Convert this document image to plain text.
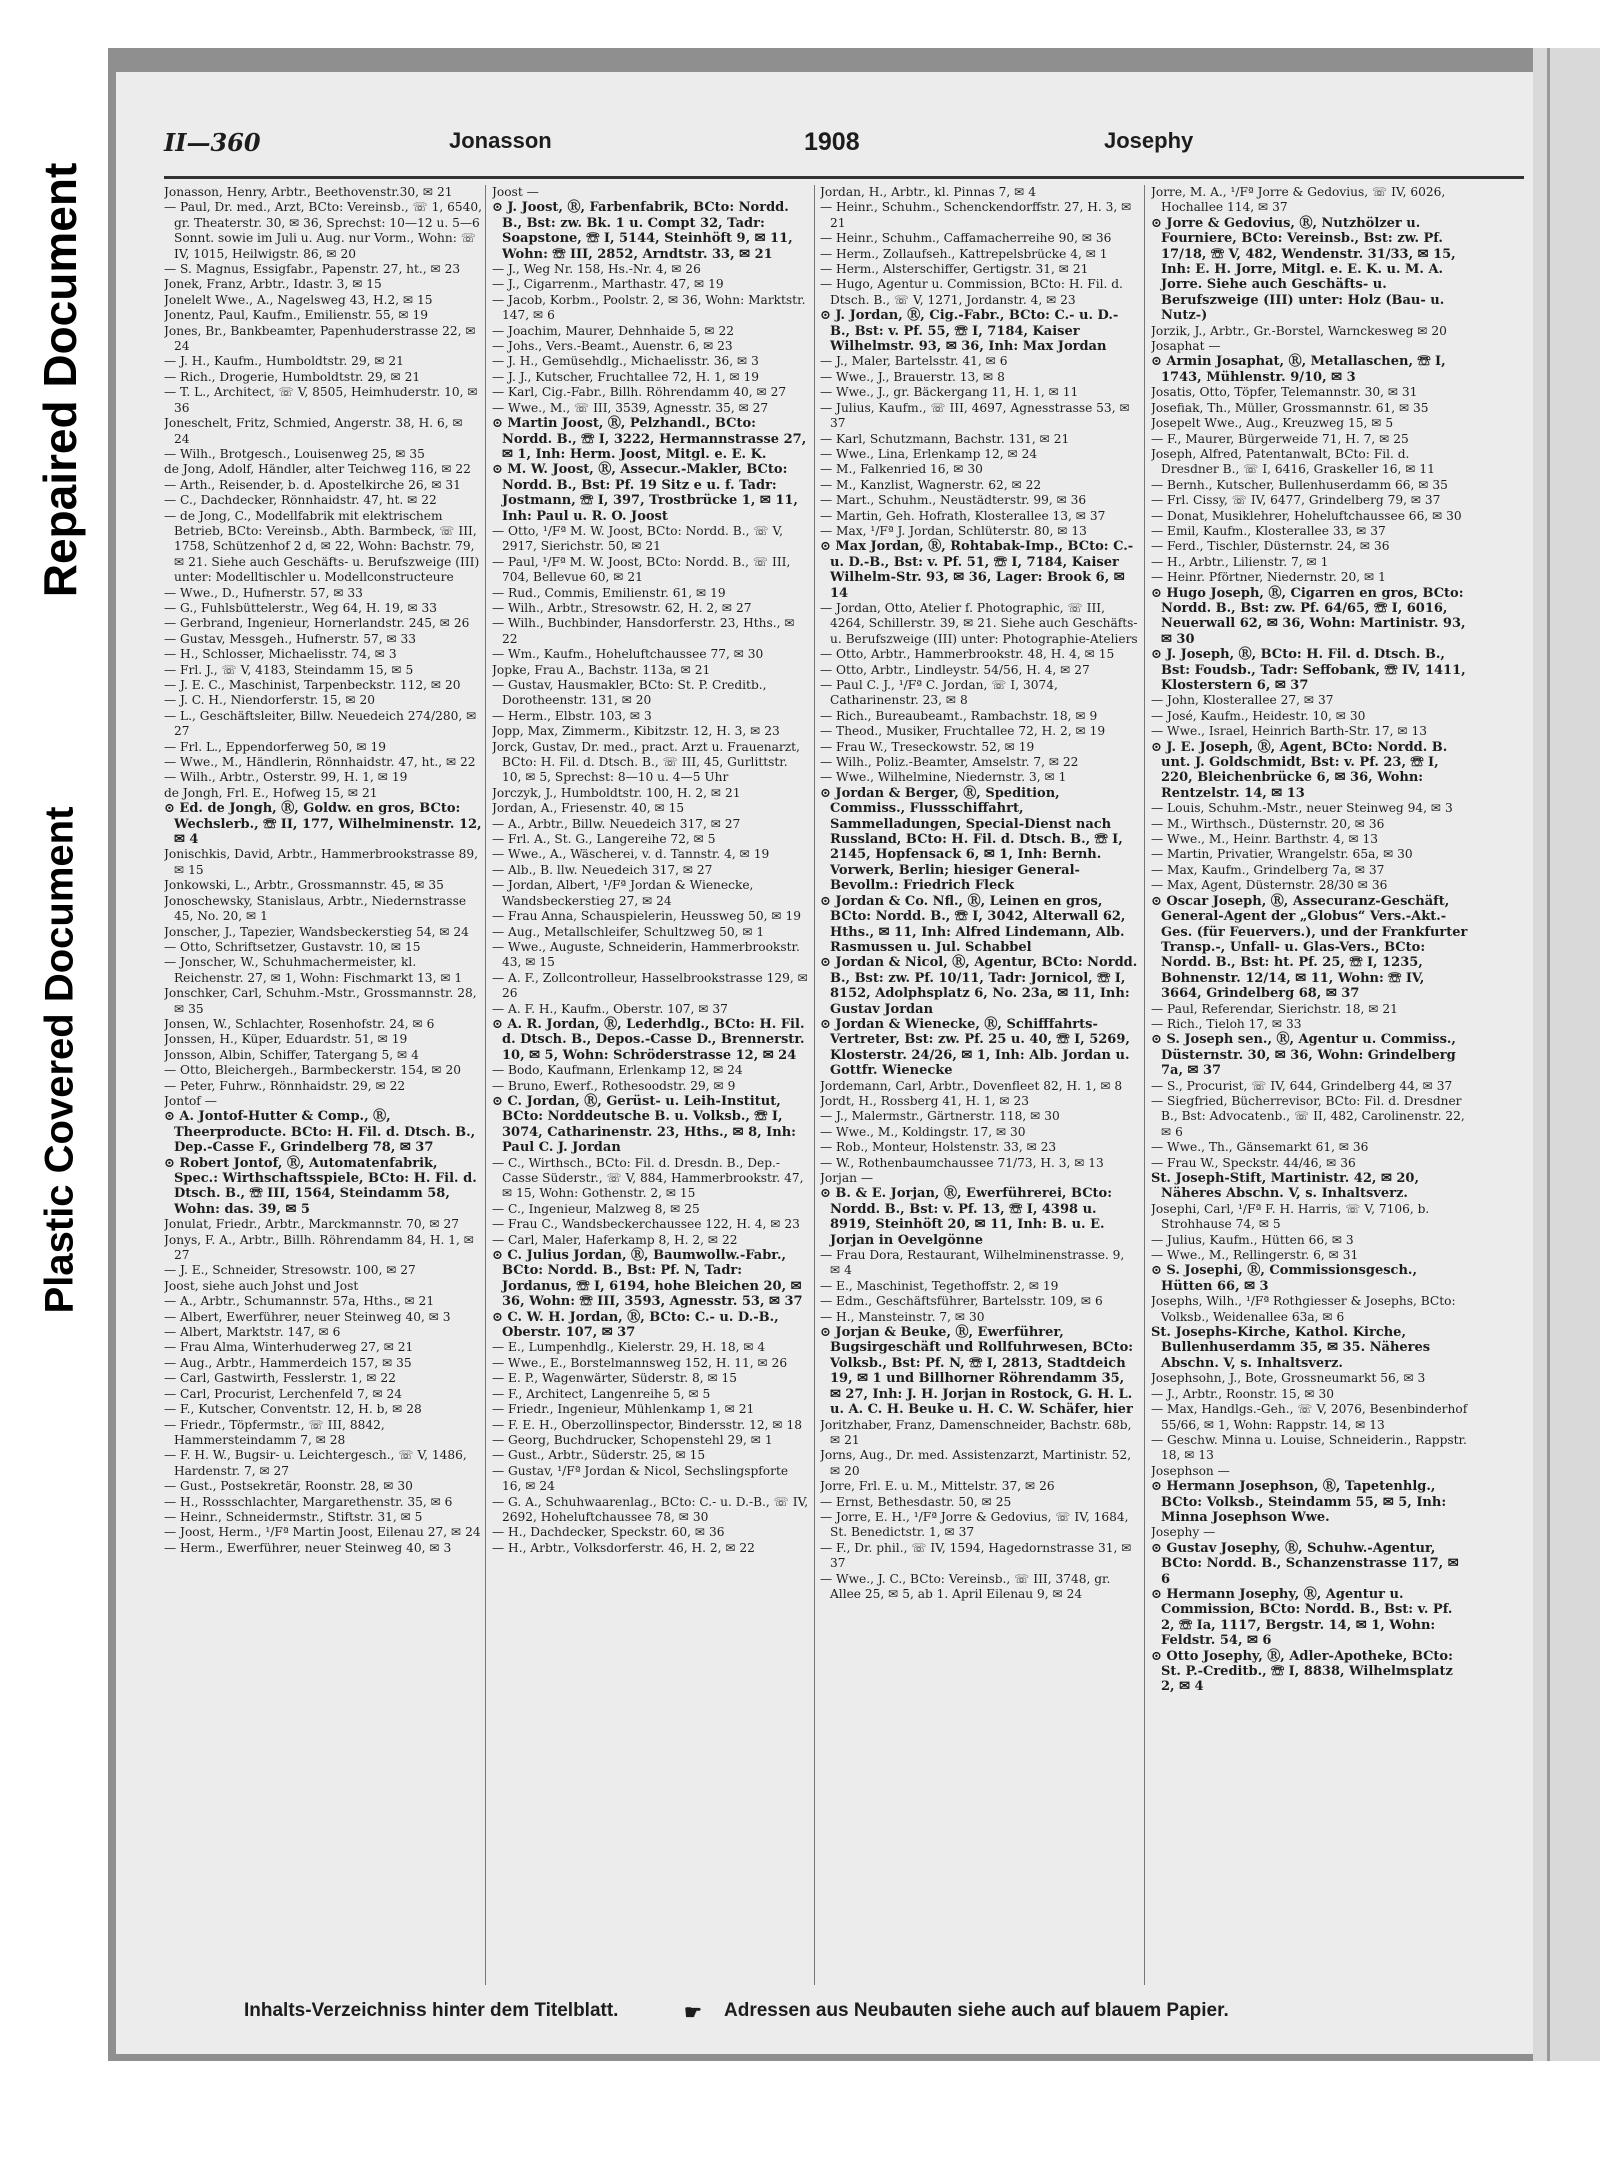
Repaired Document
Plastic Covered Document
II—360	Jonasson	1908	Josephy

Jonasson, Henry, Arbtr., Beethovenstr.30, ✉ 21

— Paul, Dr. med., Arzt, BCto: Vereinsb., ☏ 1, 6540, gr. Theaterstr. 30, ✉ 36, Sprechst: 10—12 u. 5—6 Sonnt. sowie im Juli u. Aug. nur Vorm., Wohn: ☏ IV, 1015, Heilwigstr. 86, ✉ 20

— S. Magnus, Essigfabr., Papenstr. 27, ht., ✉ 23

Jonek, Franz, Arbtr., Idastr. 3, ✉ 15

Jonelelt Wwe., A., Nagelsweg 43, H.2, ✉ 15

Jonentz, Paul, Kaufm., Emilienstr. 55, ✉ 19

Jones, Br., Bankbeamter, Papenhuderstrasse 22, ✉ 24

— J. H., Kaufm., Humboldtstr. 29, ✉ 21

— Rich., Drogerie, Humboldtstr. 29, ✉ 21

— T. L., Architect, ☏ V, 8505, Heimhuderstr. 10, ✉ 36

Joneschelt, Fritz, Schmied, Angerstr. 38, H. 6, ✉ 24

— Wilh., Brotgesch., Louisenweg 25, ✉ 35

de Jong, Adolf, Händler, alter Teichweg 116, ✉ 22

— Arth., Reisender, b. d. Apostelkirche 26, ✉ 31

— C., Dachdecker, Rönnhaidstr. 47, ht. ✉ 22

— de Jong, C., Modellfabrik mit elektrischem Betrieb, BCto: Vereinsb., Abth. Barmbeck, ☏ III, 1758, Schützenhof 2 d, ✉ 22, Wohn: Bachstr. 79, ✉ 21. Siehe auch Geschäfts- u. Berufszweige (III) unter: Modelltischler u. Modellconstructeure

— Wwe., D., Hufnerstr. 57, ✉ 33

— G., Fuhlsbüttelerstr., Weg 64, H. 19, ✉ 33

— Gerbrand, Ingenieur, Hornerlandstr. 245, ✉ 26

— Gustav, Messgeh., Hufnerstr. 57, ✉ 33

— H., Schlosser, Michaelisstr. 74, ✉ 3

— Frl. J., ☏ V, 4183, Steindamm 15, ✉ 5

— J. E. C., Maschinist, Tarpenbeckstr. 112, ✉ 20

— J. C. H., Niendorferstr. 15, ✉ 20

— L., Geschäftsleiter, Billw. Neuedeich 274/280, ✉ 27

— Frl. L., Eppendorferweg 50, ✉ 19

— Wwe., M., Händlerin, Rönnhaidstr. 47, ht., ✉ 22

— Wilh., Arbtr., Osterstr. 99, H. 1, ✉ 19

de Jongh, Frl. E., Hofweg 15, ✉ 21

⊙ Ed. de Jongh, Ⓡ, Goldw. en gros, BCto: Wechslerb., ☏ II, 177, Wilhelminenstr. 12, ✉ 4

Jonischkis, David, Arbtr., Hammerbrookstrasse 89, ✉ 15

Jonkowski, L., Arbtr., Grossmannstr. 45, ✉ 35

Jonoschewsky, Stanislaus, Arbtr., Niedernstrasse 45, No. 20, ✉ 1

Jonscher, J., Tapezier, Wandsbeckerstieg 54, ✉ 24

— Otto, Schriftsetzer, Gustavstr. 10, ✉ 15

— Jonscher, W., Schuhmachermeister, kl. Reichenstr. 27, ✉ 1, Wohn: Fischmarkt 13, ✉ 1

Jonschker, Carl, Schuhm.-Mstr., Grossmannstr. 28, ✉ 35

Jonsen, W., Schlachter, Rosenhofstr. 24, ✉ 6

Jonssen, H., Küper, Eduardstr. 51, ✉ 19

Jonsson, Albin, Schiffer, Tatergang 5, ✉ 4

— Otto, Bleichergeh., Barmbeckerstr. 154, ✉ 20

— Peter, Fuhrw., Rönnhaidstr. 29, ✉ 22

Jontof —

⊙ A. Jontof-Hutter & Comp., Ⓡ, Theerproducte. BCto: H. Fil. d. Dtsch. B., Dep.-Casse F., Grindelberg 78, ✉ 37

⊙ Robert Jontof, Ⓡ, Automatenfabrik, Spec.: Wirthschaftsspiele, BCto: H. Fil. d. Dtsch. B., ☏ III, 1564, Steindamm 58, Wohn: das. 39, ✉ 5

Jonulat, Friedr., Arbtr., Marckmannstr. 70, ✉ 27

Jonys, F. A., Arbtr., Billh. Röhrendamm 84, H. 1, ✉ 27

— J. E., Schneider, Stresowstr. 100, ✉ 27

Joost, siehe auch Johst und Jost

— A., Arbtr., Schumannstr. 57a, Hths., ✉ 21

— Albert, Ewerführer, neuer Steinweg 40, ✉ 3

— Albert, Marktstr. 147, ✉ 6

— Frau Alma, Winterhuderweg 27, ✉ 21

— Aug., Arbtr., Hammerdeich 157, ✉ 35

— Carl, Gastwirth, Fesslerstr. 1, ✉ 22

— Carl, Procurist, Lerchenfeld 7, ✉ 24

— F., Kutscher, Conventstr. 12, H. b, ✉ 28

— Friedr., Töpfermstr., ☏ III, 8842, Hammersteindamm 7, ✉ 28

— F. H. W., Bugsir- u. Leichtergesch., ☏ V, 1486, Hardenstr. 7, ✉ 27

— Gust., Postsekretär, Roonstr. 28, ✉ 30

— H., Rossschlachter, Margarethenstr. 35, ✉ 6

— Heinr., Schneidermstr., Stiftstr. 31, ✉ 5

— Joost, Herm., ¹/Fª Martin Joost, Eilenau 27, ✉ 24

— Herm., Ewerführer, neuer Steinweg 40, ✉ 3

Joost —

⊙ J. Joost, Ⓡ, Farbenfabrik, BCto: Nordd. B., Bst: zw. Bk. 1 u. Compt 32, Tadr: Soapstone, ☏ I, 5144, Steinhöft 9, ✉ 11, Wohn: ☏ III, 2852, Arndtstr. 33, ✉ 21

— J., Weg Nr. 158, Hs.-Nr. 4, ✉ 26

— J., Cigarrenm., Marthastr. 47, ✉ 19

— Jacob, Korbm., Poolstr. 2, ✉ 36, Wohn: Marktstr. 147, ✉ 6

— Joachim, Maurer, Dehnhaide 5, ✉ 22

— Johs., Vers.-Beamt., Auenstr. 6, ✉ 23

— J. H., Gemüsehdlg., Michaelisstr. 36, ✉ 3

— J. J., Kutscher, Fruchtallee 72, H. 1, ✉ 19

— Karl, Cig.-Fabr., Billh. Röhrendamm 40, ✉ 27

— Wwe., M., ☏ III, 3539, Agnesstr. 35, ✉ 27

⊙ Martin Joost, Ⓡ, Pelzhandl., BCto: Nordd. B., ☏ I, 3222, Hermannstrasse 27, ✉ 1, Inh: Herm. Joost, Mitgl. e. E. K.

⊙ M. W. Joost, Ⓡ, Assecur.-Makler, BCto: Nordd. B., Bst: Pf. 19 Sitz e u. f. Tadr: Jostmann, ☏ I, 397, Trostbrücke 1, ✉ 11, Inh: Paul u. R. O. Joost

— Otto, ¹/Fª M. W. Joost, BCto: Nordd. B., ☏ V, 2917, Sierichstr. 50, ✉ 21

— Paul, ¹/Fª M. W. Joost, BCto: Nordd. B., ☏ III, 704, Bellevue 60, ✉ 21

— Rud., Commis, Emilienstr. 61, ✉ 19

— Wilh., Arbtr., Stresowstr. 62, H. 2, ✉ 27

— Wilh., Buchbinder, Hansdorferstr. 23, Hths., ✉ 22

— Wm., Kaufm., Hoheluftchaussee 77, ✉ 30

Jopke, Frau A., Bachstr. 113a, ✉ 21

— Gustav, Hausmakler, BCto: St. P. Creditb., Dorotheenstr. 131, ✉ 20

— Herm., Elbstr. 103, ✉ 3

Jopp, Max, Zimmerm., Kibitzstr. 12, H. 3, ✉ 23

Jorck, Gustav, Dr. med., pract. Arzt u. Frauenarzt, BCto: H. Fil. d. Dtsch. B., ☏ III, 45, Gurlittstr. 10, ✉ 5, Sprechst: 8—10 u. 4—5 Uhr

Jorczyk, J., Humboldtstr. 100, H. 2, ✉ 21

Jordan, A., Friesenstr. 40, ✉ 15

— A., Arbtr., Billw. Neuedeich 317, ✉ 27

— Frl. A., St. G., Langereihe 72, ✉ 5

— Wwe., A., Wäscherei, v. d. Tannstr. 4, ✉ 19

— Alb., B. llw. Neuedeich 317, ✉ 27

— Jordan, Albert, ¹/Fª Jordan & Wienecke, Wandsbeckerstieg 27, ✉ 24

— Frau Anna, Schauspielerin, Heussweg 50, ✉ 19

— Aug., Metallschleifer, Schultzweg 50, ✉ 1

— Wwe., Auguste, Schneiderin, Hammerbrookstr. 43, ✉ 15

— A. F., Zollcontrolleur, Hasselbrookstrasse 129, ✉ 26

— A. F. H., Kaufm., Oberstr. 107, ✉ 37

⊙ A. R. Jordan, Ⓡ, Lederhdlg., BCto: H. Fil. d. Dtsch. B., Depos.-Casse D., Brennerstr. 10, ✉ 5, Wohn: Schröderstrasse 12, ✉ 24

— Bodo, Kaufmann, Erlenkamp 12, ✉ 24

— Bruno, Ewerf., Rothesoodstr. 29, ✉ 9

⊙ C. Jordan, Ⓡ, Gerüst- u. Leih-Institut, BCto: Norddeutsche B. u. Volksb., ☏ I, 3074, Catharinenstr. 23, Hths., ✉ 8, Inh: Paul C. J. Jordan

— C., Wirthsch., BCto: Fil. d. Dresdn. B., Dep.-Casse Süderstr., ☏ V, 884, Hammerbrookstr. 47, ✉ 15, Wohn: Gothenstr. 2, ✉ 15

— C., Ingenieur, Malzweg 8, ✉ 25

— Frau C., Wandsbeckerchaussee 122, H. 4, ✉ 23

— Carl, Maler, Haferkamp 8, H. 2, ✉ 22

⊙ C. Julius Jordan, Ⓡ, Baumwollw.-Fabr., BCto: Nordd. B., Bst: Pf. N, Tadr: Jordanus, ☏ I, 6194, hohe Bleichen 20, ✉ 36, Wohn: ☏ III, 3593, Agnesstr. 53, ✉ 37

⊙ C. W. H. Jordan, Ⓡ, BCto: C.- u. D.-B., Oberstr. 107, ✉ 37

— E., Lumpenhdlg., Kielerstr. 29, H. 18, ✉ 4

— Wwe., E., Borstelmannsweg 152, H. 11, ✉ 26

— E. P., Wagenwärter, Süderstr. 8, ✉ 15

— F., Architect, Langenreihe 5, ✉ 5

— Friedr., Ingenieur, Mühlenkamp 1, ✉ 21

— F. E. H., Oberzollinspector, Bindersstr. 12, ✉ 18

— Georg, Buchdrucker, Schopenstehl 29, ✉ 1

— Gust., Arbtr., Süderstr. 25, ✉ 15

— Gustav, ¹/Fª Jordan & Nicol, Sechslingspforte 16, ✉ 24

— G. A., Schuhwaarenlag., BCto: C.- u. D.-B., ☏ IV, 2692, Hoheluftchaussee 78, ✉ 30

— H., Dachdecker, Speckstr. 60, ✉ 36

— H., Arbtr., Volksdorferstr. 46, H. 2, ✉ 22

Jordan, H., Arbtr., kl. Pinnas 7, ✉ 4

— Heinr., Schuhm., Schenckendorffstr. 27, H. 3, ✉ 21

— Heinr., Schuhm., Caffamacherreihe 90, ✉ 36

— Herm., Zollaufseh., Kattrepelsbrücke 4, ✉ 1

— Herm., Alsterschiffer, Gertigstr. 31, ✉ 21

— Hugo, Agentur u. Commission, BCto: H. Fil. d. Dtsch. B., ☏ V, 1271, Jordanstr. 4, ✉ 23

⊙ J. Jordan, Ⓡ, Cig.-Fabr., BCto: C.- u. D.-B., Bst: v. Pf. 55, ☏ I, 7184, Kaiser Wilhelmstr. 93, ✉ 36, Inh: Max Jordan

— J., Maler, Bartelsstr. 41, ✉ 6

— Wwe., J., Brauerstr. 13, ✉ 8

— Wwe., J., gr. Bäckergang 11, H. 1, ✉ 11

— Julius, Kaufm., ☏ III, 4697, Agnesstrasse 53, ✉ 37

— Karl, Schutzmann, Bachstr. 131, ✉ 21

— Wwe., Lina, Erlenkamp 12, ✉ 24

— M., Falkenried 16, ✉ 30

— M., Kanzlist, Wagnerstr. 62, ✉ 22

— Mart., Schuhm., Neustädterstr. 99, ✉ 36

— Martin, Geh. Hofrath, Klosterallee 13, ✉ 37

— Max, ¹/Fª J. Jordan, Schlüterstr. 80, ✉ 13

⊙ Max Jordan, Ⓡ, Rohtabak-Imp., BCto: C.- u. D.-B., Bst: v. Pf. 51, ☏ I, 7184, Kaiser Wilhelm-Str. 93, ✉ 36, Lager: Brook 6, ✉ 14

— Jordan, Otto, Atelier f. Photographic, ☏ III, 4264, Schillerstr. 39, ✉ 21. Siehe auch Geschäfts- u. Berufszweige (III) unter: Photographie-Ateliers

— Otto, Arbtr., Hammerbrookstr. 48, H. 4, ✉ 15

— Otto, Arbtr., Lindleystr. 54/56, H. 4, ✉ 27

— Paul C. J., ¹/Fª C. Jordan, ☏ I, 3074, Catharinenstr. 23, ✉ 8

— Rich., Bureaubeamt., Rambachstr. 18, ✉ 9

— Theod., Musiker, Fruchtallee 72, H. 2, ✉ 19

— Frau W., Treseckowstr. 52, ✉ 19

— Wilh., Poliz.-Beamter, Amselstr. 7, ✉ 22

— Wwe., Wilhelmine, Niedernstr. 3, ✉ 1

⊙ Jordan & Berger, Ⓡ, Spedition, Commiss., Flussschiffahrt, Sammelladungen, Special-Dienst nach Russland, BCto: H. Fil. d. Dtsch. B., ☏ I, 2145, Hopfensack 6, ✉ 1, Inh: Bernh. Vorwerk, Berlin; hiesiger General-Bevollm.: Friedrich Fleck

⊙ Jordan & Co. Nfl., Ⓡ, Leinen en gros, BCto: Nordd. B., ☏ I, 3042, Alterwall 62, Hths., ✉ 11, Inh: Alfred Lindemann, Alb. Rasmussen u. Jul. Schabbel

⊙ Jordan & Nicol, Ⓡ, Agentur, BCto: Nordd. B., Bst: zw. Pf. 10/11, Tadr: Jornicol, ☏ I, 8152, Adolphsplatz 6, No. 23a, ✉ 11, Inh: Gustav Jordan

⊙ Jordan & Wienecke, Ⓡ, Schifffahrts-Vertreter, Bst: zw. Pf. 25 u. 40, ☏ I, 5269, Klosterstr. 24/26, ✉ 1, Inh: Alb. Jordan u. Gottfr. Wienecke

Jordemann, Carl, Arbtr., Dovenfleet 82, H. 1, ✉ 8

Jordt, H., Rossberg 41, H. 1, ✉ 23

— J., Malermstr., Gärtnerstr. 118, ✉ 30

— Wwe., M., Koldingstr. 17, ✉ 30

— Rob., Monteur, Holstenstr. 33, ✉ 23

— W., Rothenbaumchaussee 71/73, H. 3, ✉ 13

Jorjan —

⊙ B. & E. Jorjan, Ⓡ, Ewerführerei, BCto: Nordd. B., Bst: v. Pf. 13, ☏ I, 4398 u. 8919, Steinhöft 20, ✉ 11, Inh: B. u. E. Jorjan in Oevelgönne

— Frau Dora, Restaurant, Wilhelminenstrasse. 9, ✉ 4

— E., Maschinist, Tegethoffstr. 2, ✉ 19

— Edm., Geschäftsführer, Bartelsstr. 109, ✉ 6

— H., Mansteinstr. 7, ✉ 30

⊙ Jorjan & Beuke, Ⓡ, Ewerführer, Bugsirgeschäft und Rollfuhrwesen, BCto: Volksb., Bst: Pf. N, ☏ I, 2813, Stadtdeich 19, ✉ 1 und Billhorner Röhrendamm 35, ✉ 27, Inh: J. H. Jorjan in Rostock, G. H. L. u. A. C. H. Beuke u. H. C. W. Schäfer, hier

Joritzhaber, Franz, Damenschneider, Bachstr. 68b, ✉ 21

Jorns, Aug., Dr. med. Assistenzarzt, Martinistr. 52, ✉ 20

Jorre, Frl. E. u. M., Mittelstr. 37, ✉ 26

— Ernst, Bethesdastr. 50, ✉ 25

— Jorre, E. H., ¹/Fª Jorre & Gedovius, ☏ IV, 1684, St. Benedictstr. 1, ✉ 37

— F., Dr. phil., ☏ IV, 1594, Hagedornstrasse 31, ✉ 37

— Wwe., J. C., BCto: Vereinsb., ☏ III, 3748, gr. Allee 25, ✉ 5, ab 1. April Eilenau 9, ✉ 24

Jorre, M. A., ¹/Fª Jorre & Gedovius, ☏ IV, 6026, Hochallee 114, ✉ 37

⊙ Jorre & Gedovius, Ⓡ, Nutzhölzer u. Fourniere, BCto: Vereinsb., Bst: zw. Pf. 17/18, ☏ V, 482, Wendenstr. 31/33, ✉ 15, Inh: E. H. Jorre, Mitgl. e. E. K. u. M. A. Jorre. Siehe auch Geschäfts- u. Berufszweige (III) unter: Holz (Bau- u. Nutz-)

Jorzik, J., Arbtr., Gr.-Borstel, Warnckesweg ✉ 20

Josaphat —

⊙ Armin Josaphat, Ⓡ, Metallaschen, ☏ I, 1743, Mühlenstr. 9/10, ✉ 3

Josatis, Otto, Töpfer, Telemannstr. 30, ✉ 31

Josefiak, Th., Müller, Grossmannstr. 61, ✉ 35

Josepelt Wwe., Aug., Kreuzweg 15, ✉ 5

— F., Maurer, Bürgerweide 71, H. 7, ✉ 25

Joseph, Alfred, Patentanwalt, BCto: Fil. d. Dresdner B., ☏ I, 6416, Graskeller 16, ✉ 11

— Bernh., Kutscher, Bullenhuserdamm 66, ✉ 35

— Frl. Cissy, ☏ IV, 6477, Grindelberg 79, ✉ 37

— Donat, Musiklehrer, Hoheluftchaussee 66, ✉ 30

— Emil, Kaufm., Klosterallee 33, ✉ 37

— Ferd., Tischler, Düsternstr. 24, ✉ 36

— H., Arbtr., Lilienstr. 7, ✉ 1

— Heinr. Pförtner, Niedernstr. 20, ✉ 1

⊙ Hugo Joseph, Ⓡ, Cigarren en gros, BCto: Nordd. B., Bst: zw. Pf. 64/65, ☏ I, 6016, Neuerwall 62, ✉ 36, Wohn: Martinistr. 93, ✉ 30

⊙ J. Joseph, Ⓡ, BCto: H. Fil. d. Dtsch. B., Bst: Foudsb., Tadr: Seffobank, ☏ IV, 1411, Klosterstern 6, ✉ 37

— John, Klosterallee 27, ✉ 37

— José, Kaufm., Heidestr. 10, ✉ 30

— Wwe., Israel, Heinrich Barth-Str. 17, ✉ 13

⊙ J. E. Joseph, Ⓡ, Agent, BCto: Nordd. B. unt. J. Goldschmidt, Bst: v. Pf. 23, ☏ I, 220, Bleichenbrücke 6, ✉ 36, Wohn: Rentzelstr. 14, ✉ 13

— Louis, Schuhm.-Mstr., neuer Steinweg 94, ✉ 3

— M., Wirthsch., Düsternstr. 20, ✉ 36

— Wwe., M., Heinr. Barthstr. 4, ✉ 13

— Martin, Privatier, Wrangelstr. 65a, ✉ 30

— Max, Kaufm., Grindelberg 7a, ✉ 37

— Max, Agent, Düsternstr. 28/30 ✉ 36

⊙ Oscar Joseph, Ⓡ, Assecuranz-Geschäft, General-Agent der „Globus“ Vers.-Akt.-Ges. (für Feuervers.), und der Frankfurter Transp.-, Unfall- u. Glas-Vers., BCto: Nordd. B., Bst: ht. Pf. 25, ☏ I, 1235, Bohnenstr. 12/14, ✉ 11, Wohn: ☏ IV, 3664, Grindelberg 68, ✉ 37

— Paul, Referendar, Sierichstr. 18, ✉ 21

— Rich., Tieloh 17, ✉ 33

⊙ S. Joseph sen., Ⓡ, Agentur u. Commiss., Düsternstr. 30, ✉ 36, Wohn: Grindelberg 7a, ✉ 37

— S., Procurist, ☏ IV, 644, Grindelberg 44, ✉ 37

— Siegfried, Bücherrevisor, BCto: Fil. d. Dresdner B., Bst: Advocatenb., ☏ II, 482, Carolinenstr. 22, ✉ 6

— Wwe., Th., Gänsemarkt 61, ✉ 36

— Frau W., Speckstr. 44/46, ✉ 36

St. Joseph-Stift, Martinistr. 42, ✉ 20, Näheres Abschn. V, s. Inhaltsverz.

Josephi, Carl, ¹/Fª F. H. Harris, ☏ V, 7106, b. Strohhause 74, ✉ 5

— Julius, Kaufm., Hütten 66, ✉ 3

— Wwe., M., Rellingerstr. 6, ✉ 31

⊙ S. Josephi, Ⓡ, Commissionsgesch., Hütten 66, ✉ 3

Josephs, Wilh., ¹/Fª Rothgiesser & Josephs, BCto: Volksb., Weidenallee 63a, ✉ 6

St. Josephs-Kirche, Kathol. Kirche, Bullenhuserdamm 35, ✉ 35. Näheres Abschn. V, s. Inhaltsverz.

Josephsohn, J., Bote, Grossneumarkt 56, ✉ 3

— J., Arbtr., Roonstr. 15, ✉ 30

— Max, Handlgs.-Geh., ☏ V, 2076, Besenbinderhof 55/66, ✉ 1, Wohn: Rappstr. 14, ✉ 13

— Geschw. Minna u. Louise, Schneiderin., Rappstr. 18, ✉ 13

Josephson —

⊙ Hermann Josephson, Ⓡ, Tapetenhlg., BCto: Volksb., Steindamm 55, ✉ 5, Inh: Minna Josephson Wwe.

Josephy —

⊙ Gustav Josephy, Ⓡ, Schuhw.-Agentur, BCto: Nordd. B., Schanzenstrasse 117, ✉ 6

⊙ Hermann Josephy, Ⓡ, Agentur u. Commission, BCto: Nordd. B., Bst: v. Pf. 2, ☏ Ia, 1117, Bergstr. 14, ✉ 1, Wohn: Feldstr. 54, ✉ 6

⊙ Otto Josephy, Ⓡ, Adler-Apotheke, BCto: St. P.-Creditb., ☏ I, 8838, Wilhelmsplatz 2, ✉ 4

Inhalts-Verzeichniss hinter dem Titelblatt.	☛ Adressen aus Neubauten siehe auch auf blauem Papier.
